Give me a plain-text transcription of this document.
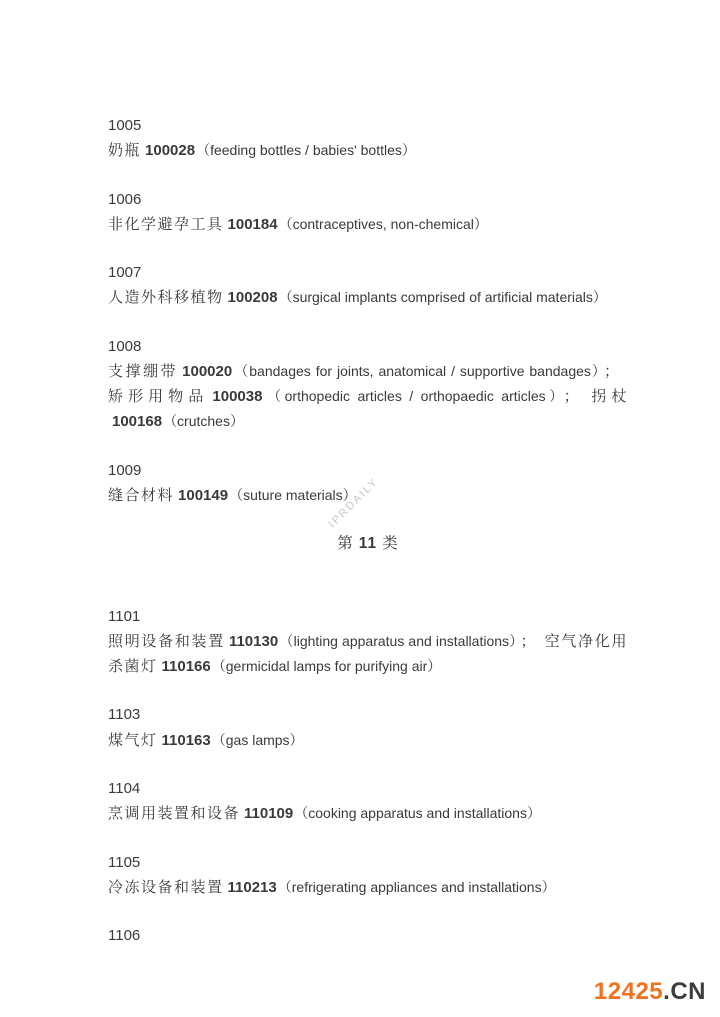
IPRDAILY
1005

奶瓶 100028（feeding bottles / babies' bottles）

1006

非化学避孕工具 100184（contraceptives, non-chemical）

1007

人造外科移植物 100208（surgical implants comprised of artificial materials）

1008

支撑绷带 100020（bandages for joints, anatomical / supportive bandages） ；矫形用物品 100038（orthopedic articles / orthopaedic articles） ； 拐杖100168（crutches）

1009

缝合材料 100149（suture materials）

第 11 类
1101

照明设备和装置 110130（lighting apparatus and installations） ； 空气净化用杀菌灯 110166（germicidal lamps for purifying air）

1103

煤气灯 110163（gas lamps）

1104

烹调用装置和设备 110109（cooking apparatus and installations）

1105

冷冻设备和装置 110213（refrigerating appliances and installations）

1106
12425.CN
